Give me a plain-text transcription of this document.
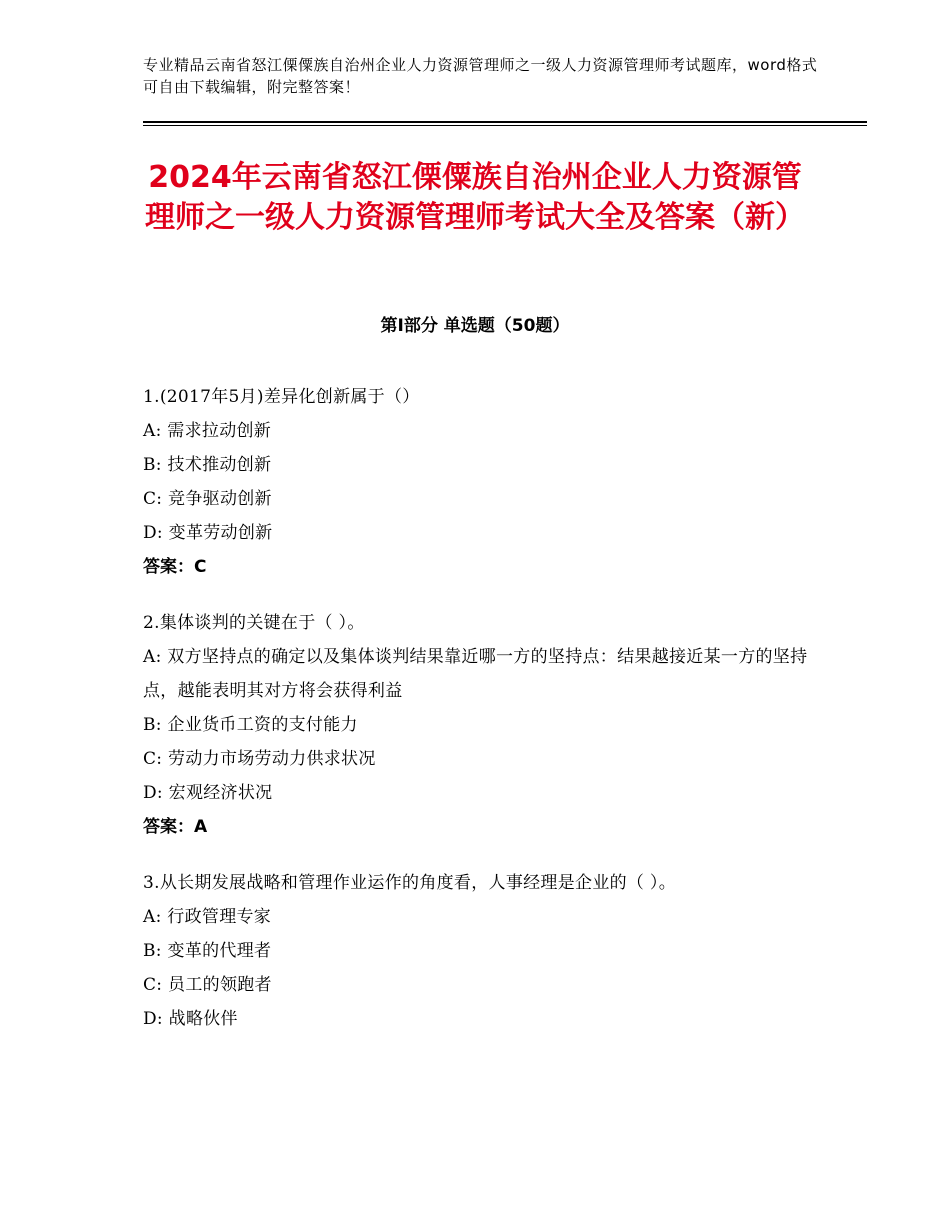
专业精品云南省怒江傈僳族自治州企业人力资源管理师之一级人力资源管理师考试题库，word格式可自由下载编辑，附完整答案！
2024年云南省怒江傈僳族自治州企业人力资源管理师之一级人力资源管理师考试大全及答案（新）
第Ⅰ部分 单选题（50题）
1.(2017年5月)差异化创新属于（）
A: 需求拉动创新
B: 技术推动创新
C: 竞争驱动创新
D: 变革劳动创新
答案：C
2.集体谈判的关键在于（ ）。
A: 双方坚持点的确定以及集体谈判结果靠近哪一方的坚持点：结果越接近某一方的坚持点，越能表明其对方将会获得利益
B: 企业货币工资的支付能力
C: 劳动力市场劳动力供求状况
D: 宏观经济状况
答案：A
3.从长期发展战略和管理作业运作的角度看，人事经理是企业的（ ）。
A: 行政管理专家
B: 变革的代理者
C: 员工的领跑者
D: 战略伙伴
